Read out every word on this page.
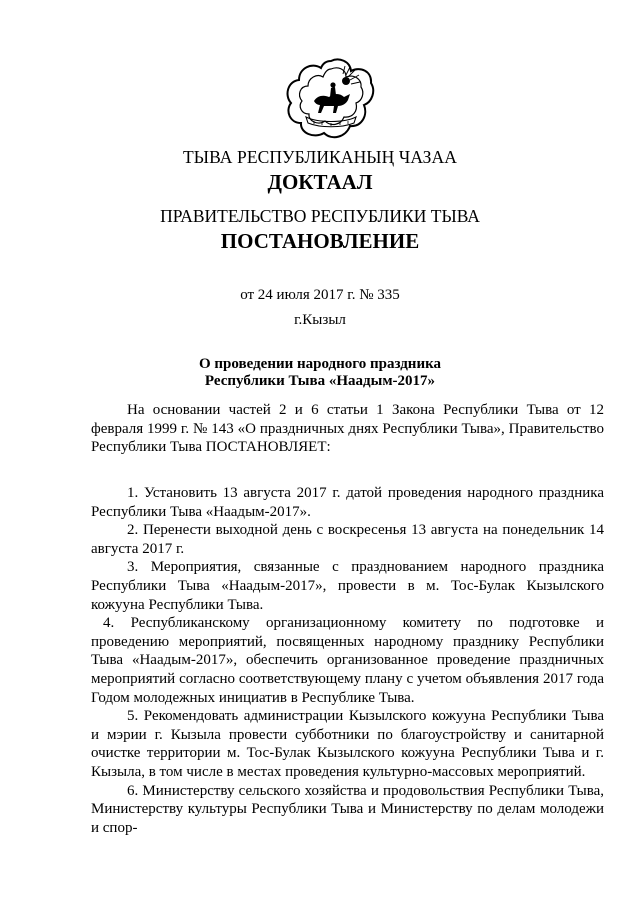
ТЫВА РЕСПУБЛИКАНЫҢ ЧАЗАА
ДОКТААЛ
ПРАВИТЕЛЬСТВО РЕСПУБЛИКИ ТЫВА
ПОСТАНОВЛЕНИЕ
от 24 июля 2017 г. № 335
г.Кызыл
О проведении народного праздника
Республики Тыва «Наадым-2017»

На основании частей 2 и 6 статьи 1 Закона Республики Тыва от 12 февраля 1999 г. № 143 «О праздничных днях Республики Тыва», Правительство Республики Тыва ПОСТАНОВЛЯЕТ:

1. Установить 13 августа 2017 г. датой проведения народного праздника Республики Тыва «Наадым-2017».

2. Перенести выходной день с воскресенья 13 августа на понедельник 14 августа 2017 г.

3. Мероприятия, связанные с празднованием народного праздника Республики Тыва «Наадым-2017», провести в м. Тос-Булак Кызылского кожууна Республики Тыва.

4. Республиканскому организационному комитету по подготовке и проведению мероприятий, посвященных народному празднику Республики Тыва «Наадым-2017», обеспечить организованное проведение праздничных мероприятий согласно соответствующему плану с учетом объявления 2017 года Годом молодежных инициатив в Республике Тыва.

5. Рекомендовать администрации Кызылского кожууна Республики Тыва и мэрии г. Кызыла провести субботники по благоустройству и санитарной очистке территории м. Тос-Булак Кызылского кожууна Республики Тыва и г. Кызыла, в том числе в местах проведения культурно-массовых мероприятий.

6. Министерству сельского хозяйства и продовольствия Республики Тыва, Министерству культуры Республики Тыва и Министерству по делам молодежи и спор-
